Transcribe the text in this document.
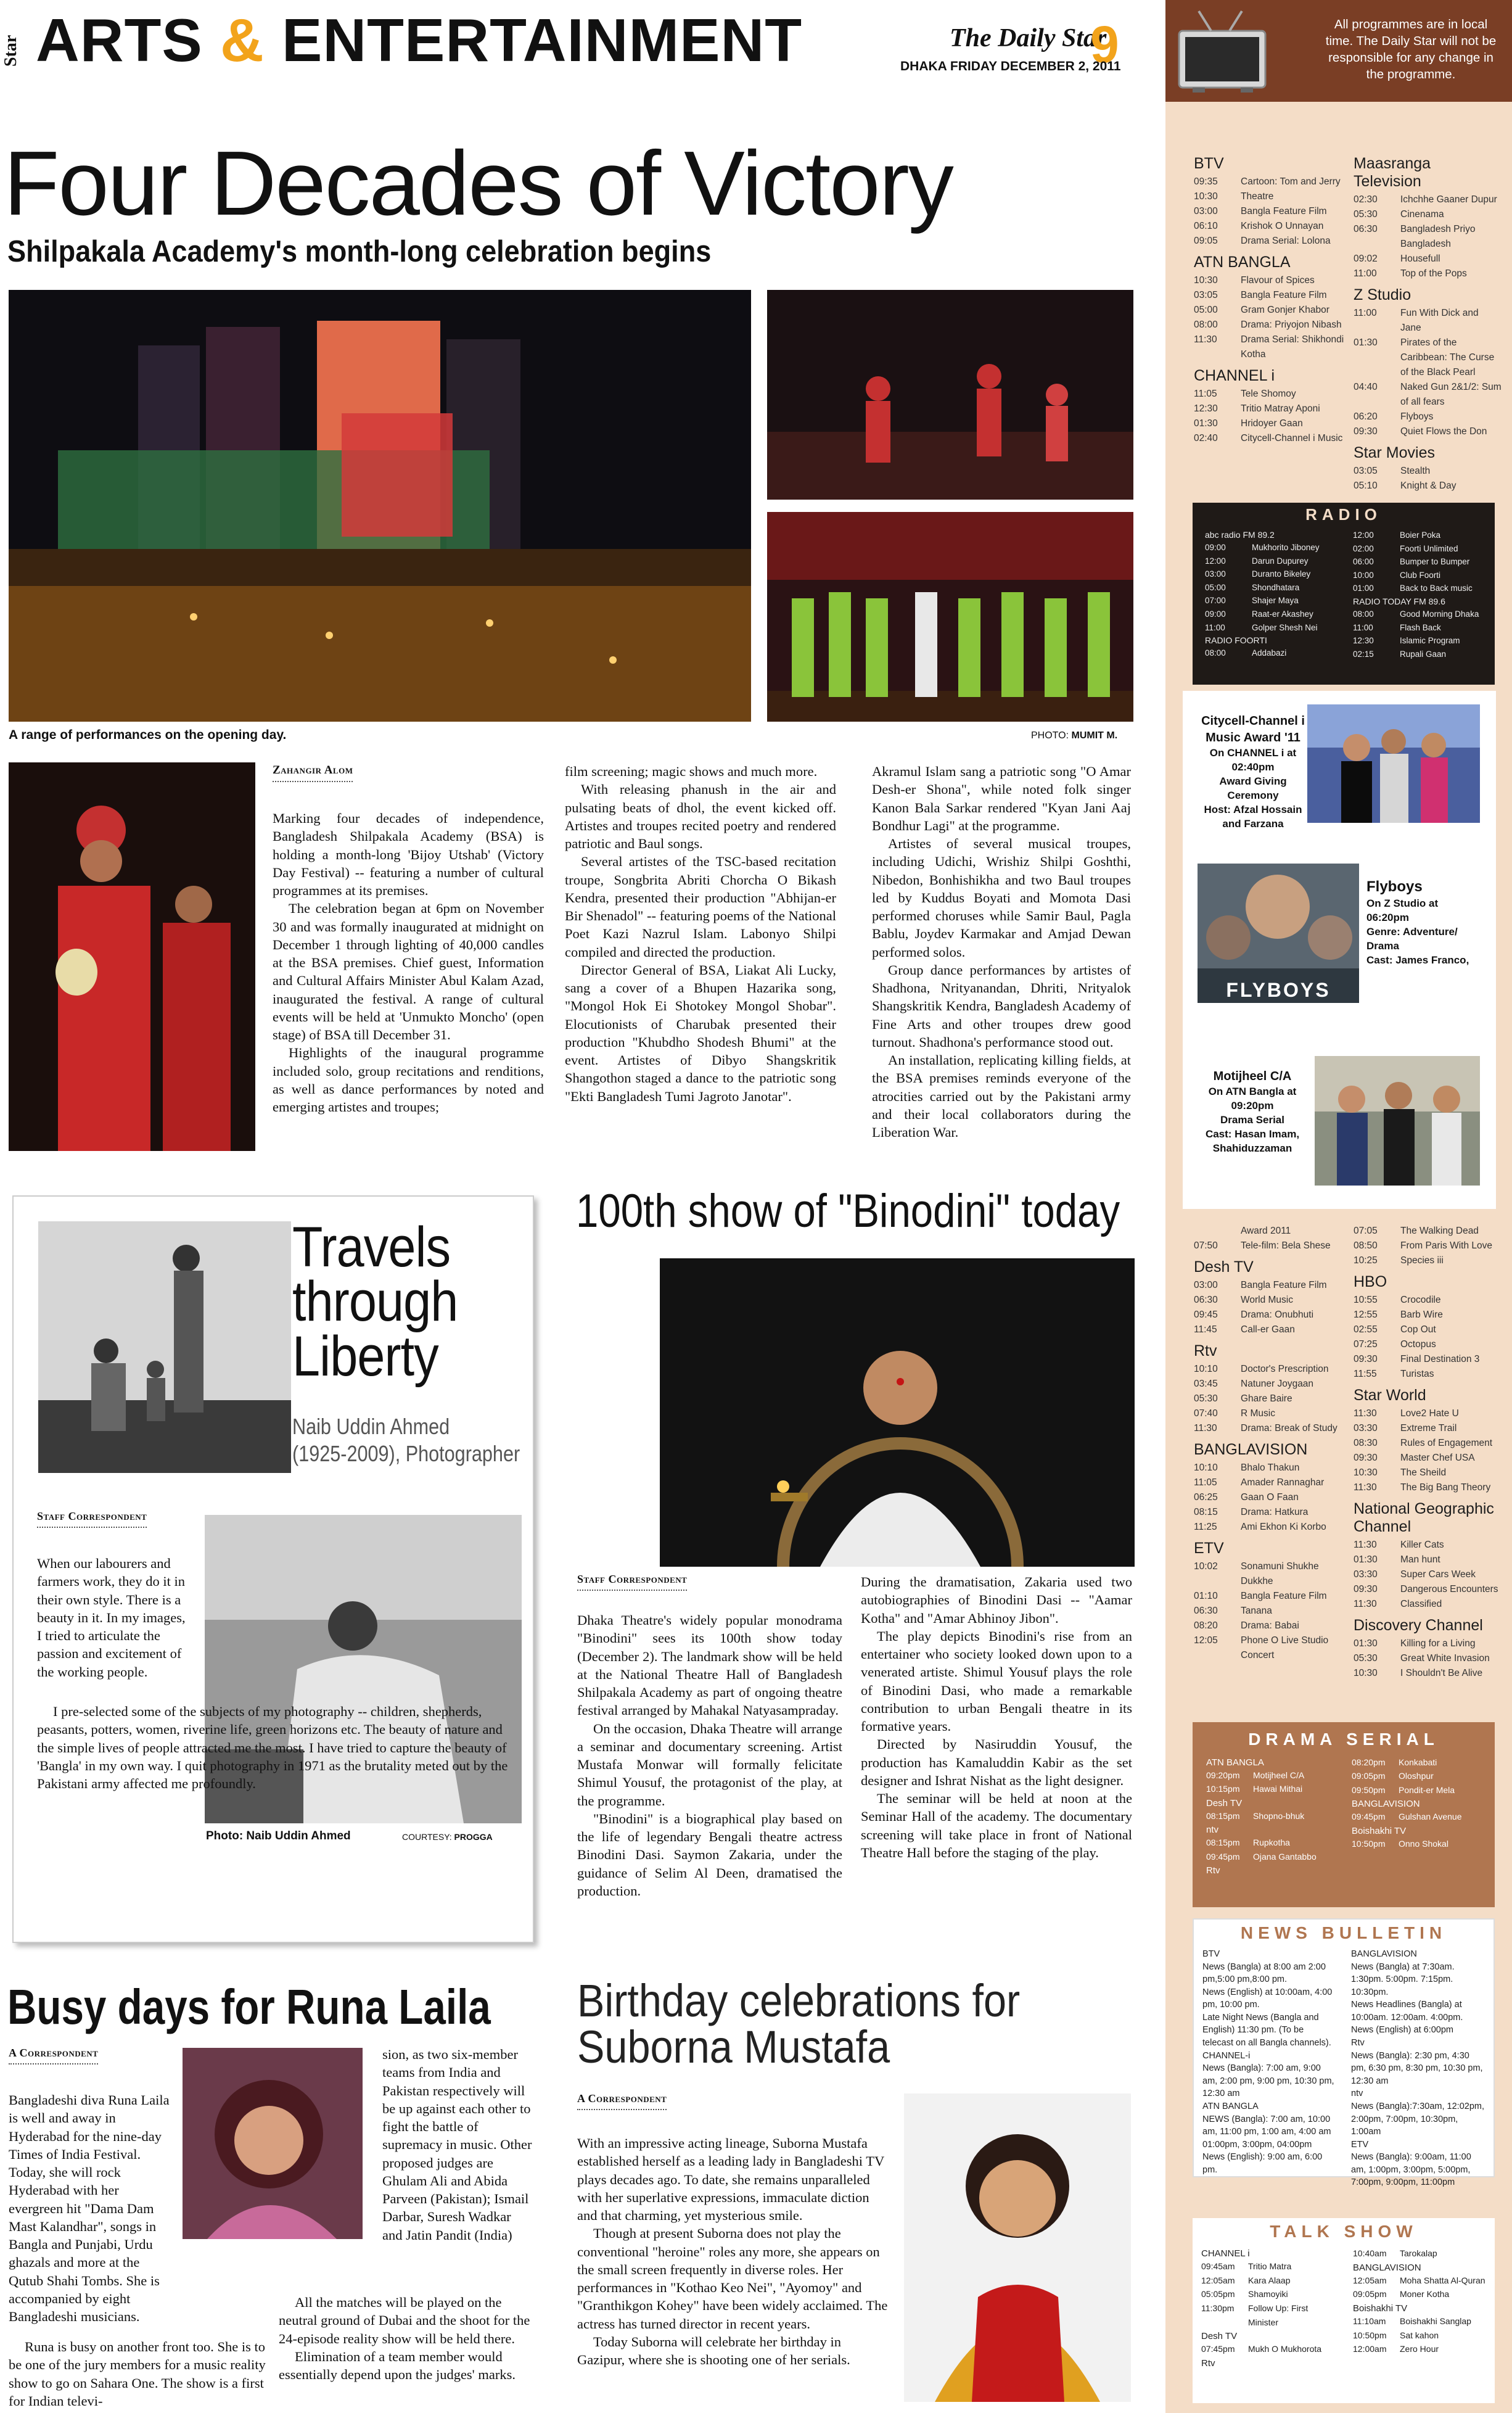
Star ARTS & ENTERTAINMENT	The Daily Star
9
DHAKA FRIDAY DECEMBER 2, 2011
All programmes are in local time. The Daily Star will not be responsible for any change in the programme.
BTV
09:35	Cartoon: Tom and Jerry
10:30	Theatre
03:00	Bangla Feature Film
06:10	Krishok O Unnayan
09:05	Drama Serial: Lolona
ATN BANGLA
10:30	Flavour of Spices
03:05	Bangla Feature Film
05:00	Gram Gonjer Khabor
08:00	Drama: Priyojon Nibash
11:30	Drama Serial: Shikhondi Kotha
CHANNEL i
11:05	Tele Shomoy
12:30	Tritio Matray Aponi
01:30	Hridoyer Gaan
02:40	Citycell-Channel i Music
Maasranga Television
02:30	Ichchhe Gaaner Dupur
05:30	Cinenama
06:30	Bangladesh Priyo Bangladesh
09:02	Housefull
11:00	Top of the Pops
Z Studio
11:00	Fun With Dick and Jane
01:30	Pirates of the Caribbean: The Curse of the Black Pearl
04:40	Naked Gun 2&1/2: Sum of all fears
06:20	Flyboys
09:30	Quiet Flows the Don
Star Movies
03:05	Stealth
05:10	Knight & Day
RADIO
abc radio FM 89.2
09:00	Mukhorito Jiboney
12:00	Darun Dupurey
03:00	Duranto Bikeley
05:00	Shondhatara
07:00	Shajer Maya
09:00	Raat-er Akashey
11:00	Golper Shesh Nei
RADIO FOORTI
08:00	Addabazi
12:00	Boier Poka
02:00	Foorti Unlimited
06:00	Bumper to Bumper
10:00	Club Foorti
01:00	Back to Back music
RADIO TODAY FM 89.6
08:00	Good Morning Dhaka
11:00	Flash Back
12:30	Islamic Program
02:15	Rupali Gaan
Citycell-Channel i
Music Award '11
On CHANNEL i at
02:40pm
Award Giving
Ceremony
Host: Afzal Hossain
and Farzana
FLYBOYS
Flyboys
On Z Studio at
06:20pm
Genre: Adventure/
Drama
Cast: James Franco,
Motijheel C/A
On ATN Bangla at
09:20pm
Drama Serial
Cast: Hasan Imam,
Shahiduzzaman
Award 2011
07:50	Tele-film: Bela Shese
Desh TV
03:00	Bangla Feature Film
06:30	World Music
09:45	Drama: Onubhuti
11:45	Call-er Gaan
Rtv
10:10	Doctor's Prescription
03:45	Natuner Joygaan
05:30	Ghare Baire
07:40	R Music
11:30	Drama: Break of Study
BANGLAVISION
10:10	Bhalo Thakun
11:05	Amader Rannaghar
06:25	Gaan O Faan
08:15	Drama: Hatkura
11:25	Ami Ekhon Ki Korbo
ETV
10:02	Sonamuni Shukhe Dukkhe
01:10	Bangla Feature Film
06:30	Tanana
08:20	Drama: Babai
12:05	Phone O Live Studio Concert
07:05	The Walking Dead
08:50	From Paris With Love
10:25	Species iii
HBO
10:55	Crocodile
12:55	Barb Wire
02:55	Cop Out
07:25	Octopus
09:30	Final Destination 3
11:55	Turistas
Star World
11:30	Love2 Hate U
03:30	Extreme Trail
08:30	Rules of Engagement
09:30	Master Chef USA
10:30	The Sheild
11:30	The Big Bang Theory
National Geographic Channel
11:30	Killer Cats
01:30	Man hunt
03:30	Super Cars Week
09:30	Dangerous Encounters
11:30	Classified
Discovery Channel
01:30	Killing for a Living
05:30	Great White Invasion
10:30	I Shouldn't Be Alive
DRAMA SERIAL
ATN BANGLA
09:20pm	Motijheel C/A
10:15pm	Hawai Mithai
Desh TV
08:15pm	Shopno-bhuk
ntv
08:15pm	Rupkotha
09:45pm	Ojana Gantabbo
Rtv
08:20pm	Konkabati
09:05pm	Oloshpur
09:50pm	Pondit-er Mela
BANGLAVISION
09:45pm	Gulshan Avenue
Boishakhi TV
10:50pm	Onno Shokal
NEWS BULLETIN
BTV
News (Bangla) at 8:00 am 2:00 pm,5:00 pm,8:00 pm.
News (English) at 10:00am, 4:00 pm, 10:00 pm.
Late Night News (Bangla and English) 11:30 pm. (To be telecast on all Bangla channels).
CHANNEL-i
News (Bangla): 7:00 am, 9:00 am, 2:00 pm, 9:00 pm, 10:30 pm, 12:30 am
ATN BANGLA
NEWS (Bangla): 7:00 am, 10:00 am, 11:00 pm, 1:00 am, 4:00 am
01:00pm, 3:00pm, 04:00pm
News (English): 9:00 am, 6:00 pm.
BANGLAVISION
News (Bangla) at 7:30am. 1:30pm. 5:00pm. 7:15pm. 10:30pm.
News Headlines (Bangla) at 10:00am. 12:00am. 4:00pm.
News (English) at 6:00pm
Rtv
News (Bangla): 2:30 pm, 4:30 pm, 6:30 pm, 8:30 pm, 10:30 pm, 12:30 am
ntv
News (Bangla):7:30am, 12:02pm, 2:00pm, 7:00pm, 10:30pm, 1:00am
ETV
News (Bangla): 9:00am, 11:00 am, 1:00pm, 3:00pm, 5:00pm, 7:00pm, 9:00pm, 11:00pm
TALK SHOW
CHANNEL i
09:45am	Tritio Matra
12:05am	Kara Alaap
05:05pm	Shamoyiki
11:30pm	Follow Up: First Minister
Desh TV
07:45pm	Mukh O Mukhorota
Rtv
10:40am	Tarokalap
BANGLAVISION
12:05am	Moha Shatta Al-Quran
09:05pm	Moner Kotha
Boishakhi TV
11:10am	Boishakhi Sanglap
10:50pm	Sat kahon
12:00am	Zero Hour
Four Decades of Victory
Shilpakala Academy's month-long celebration begins
A range of performances on the opening day.	PHOTO: MUMIT M.
Zahangir Alom

Marking four decades of independence, Bangladesh Shilpakala Academy (BSA) is holding a month-long 'Bijoy Utshab' (Victory Day Festival) -- featuring a number of cultural programmes at its premises.

The celebration began at 6pm on November 30 and was formally inaugurated at midnight on December 1 through lighting of 40,000 candles at the BSA premises. Chief guest, Information and Cultural Affairs Minister Abul Kalam Azad, inaugurated the festival. A range of cultural events will be held at 'Unmukto Moncho' (open stage) of BSA till December 31.

Highlights of the inaugural programme included solo, group recitations and renditions, as well as dance performances by noted and emerging artistes and troupes;

film screening; magic shows and much more.

With releasing phanush in the air and pulsating beats of dhol, the event kicked off. Artistes and troupes recited poetry and rendered patriotic and Baul songs.

Several artistes of the TSC-based recitation troupe, Songbrita Abriti Chorcha O Bikash Kendra, presented their production "Abhijan-er Bir Shenadol" -- featuring poems of the National Poet Kazi Nazrul Islam. Labonyo Shilpi compiled and directed the production.

Director General of BSA, Liakat Ali Lucky, sang a cover of a Bhupen Hazarika song, "Mongol Hok Ei Shotokey Mongol Shobar". Elocutionists of Charubak presented their production "Khubdho Shodesh Bhumi" at the event. Artistes of Dibyo Shangskritik Shangothon staged a dance to the patriotic song "Ekti Bangladesh Tumi Jagroto Janotar".

Akramul Islam sang a patriotic song "O Amar Desh-er Shona", while noted folk singer Kanon Bala Sarkar rendered "Kyan Jani Aaj Bondhur Lagi" at the programme.

Artistes of several musical troupes, including Udichi, Wrishiz Shilpi Goshthi, Nibedon, Bonhishikha and two Baul troupes led by Kuddus Boyati and Momota Dasi performed choruses while Samir Baul, Pagla Bablu, Joydev Karmakar and Amjad Dewan performed solos.

Group dance performances by artistes of Shadhona, Nrityanandan, Dhriti, Nrityalok Shangskritik Kendra, Bangladesh Academy of Fine Arts and other troupes drew good turnout. Shadhona's performance stood out.

An installation, replicating killing fields, at the BSA premises reminds everyone of the atrocities carried out by the Pakistani army and their local collaborators during the Liberation War.

Travels
through
Liberty
Naib Uddin Ahmed
(1925-2009), Photographer
Staff Correspondent
Photo: Naib Uddin Ahmed	COURTESY: PROGGA
When our labourers and farmers work, they do it in their own style. There is a beauty in it. In my images, I tried to articulate the passion and excitement of the working people.
I pre-selected some of the subjects of my photography -- children, shepherds, peasants, potters, women, riverine life, green horizons etc. The beauty of nature and the simple lives of people attracted me the most. I have tried to capture the beauty of 'Bangla' in my own way. I quit photography in 1971 as the brutality meted out by the Pakistani army affected me profoundly.
100th show of "Binodini" today
Staff Correspondent

Dhaka Theatre's widely popular monodrama "Binodini" sees its 100th show today (December 2). The landmark show will be held at the National Theatre Hall of Bangladesh Shilpakala Academy as part of ongoing theatre festival arranged by Mahakal Natyasampraday.

On the occasion, Dhaka Theatre will arrange a seminar and documentary screening. Artist Mustafa Monwar will formally felicitate Shimul Yousuf, the protagonist of the play, at the programme.

"Binodini" is a biographical play based on the life of legendary Bengali theatre actress Binodini Dasi. Saymon Zakaria, under the guidance of Selim Al Deen, dramatised the production.

During the dramatisation, Zakaria used two autobiographies of Binodini Dasi -- "Aamar Kotha" and "Amar Abhinoy Jibon".

The play depicts Binodini's rise from an entertainer who society looked down upon to a venerated artiste. Shimul Yousuf plays the role of Binodini Dasi, who made a remarkable contribution to urban Bengali theatre in its formative years.

Directed by Nasiruddin Yousuf, the production has Kamaluddin Kabir as the set designer and Ishrat Nishat as the light designer.

The seminar will be held at noon at the Seminar Hall of the academy. The documentary screening will take place in front of National Theatre Hall before the staging of the play.

Busy days for Runa Laila
A Correspondent

Bangladeshi diva Runa Laila is well and away in Hyderabad for the nine-day Times of India Festival. Today, she will rock Hyderabad with her evergreen hit "Dama Dam Mast Kalandhar", songs in Bangla and Punjabi, Urdu ghazals and more at the Qutub Shahi Tombs. She is accompanied by eight Bangladeshi musicians.

Runa is busy on another front too. She is to be one of the jury members for a music reality show to go on Sahara One. The show is a first for Indian televi-

sion, as two six-member teams from India and Pakistan respectively will be up against each other to fight the battle of supremacy in music. Other proposed judges are Ghulam Ali and Abida Parveen (Pakistan); Ismail Darbar, Suresh Wadkar and Jatin Pandit (India)

All the matches will be played on the neutral ground of Dubai and the shoot for the 24-episode reality show will be held there.

Elimination of a team member would essentially depend upon the judges' marks.

Birthday celebrations for
Suborna Mustafa
A Correspondent

With an impressive acting lineage, Suborna Mustafa established herself as a leading lady in Bangladeshi TV plays decades ago. To date, she remains unparalleled with her superlative expressions, immaculate diction and that charming, yet mysterious smile.

Though at present Suborna does not play the conventional "heroine" roles any more, she appears on the small screen frequently in diverse roles. Her performances in "Kothao Keo Nei", "Ayomoy" and "Granthikgon Kohey" have been widely acclaimed. The actress has turned director in recent years.

Today Suborna will celebrate her birthday in Gazipur, where she is shooting one of her serials.
